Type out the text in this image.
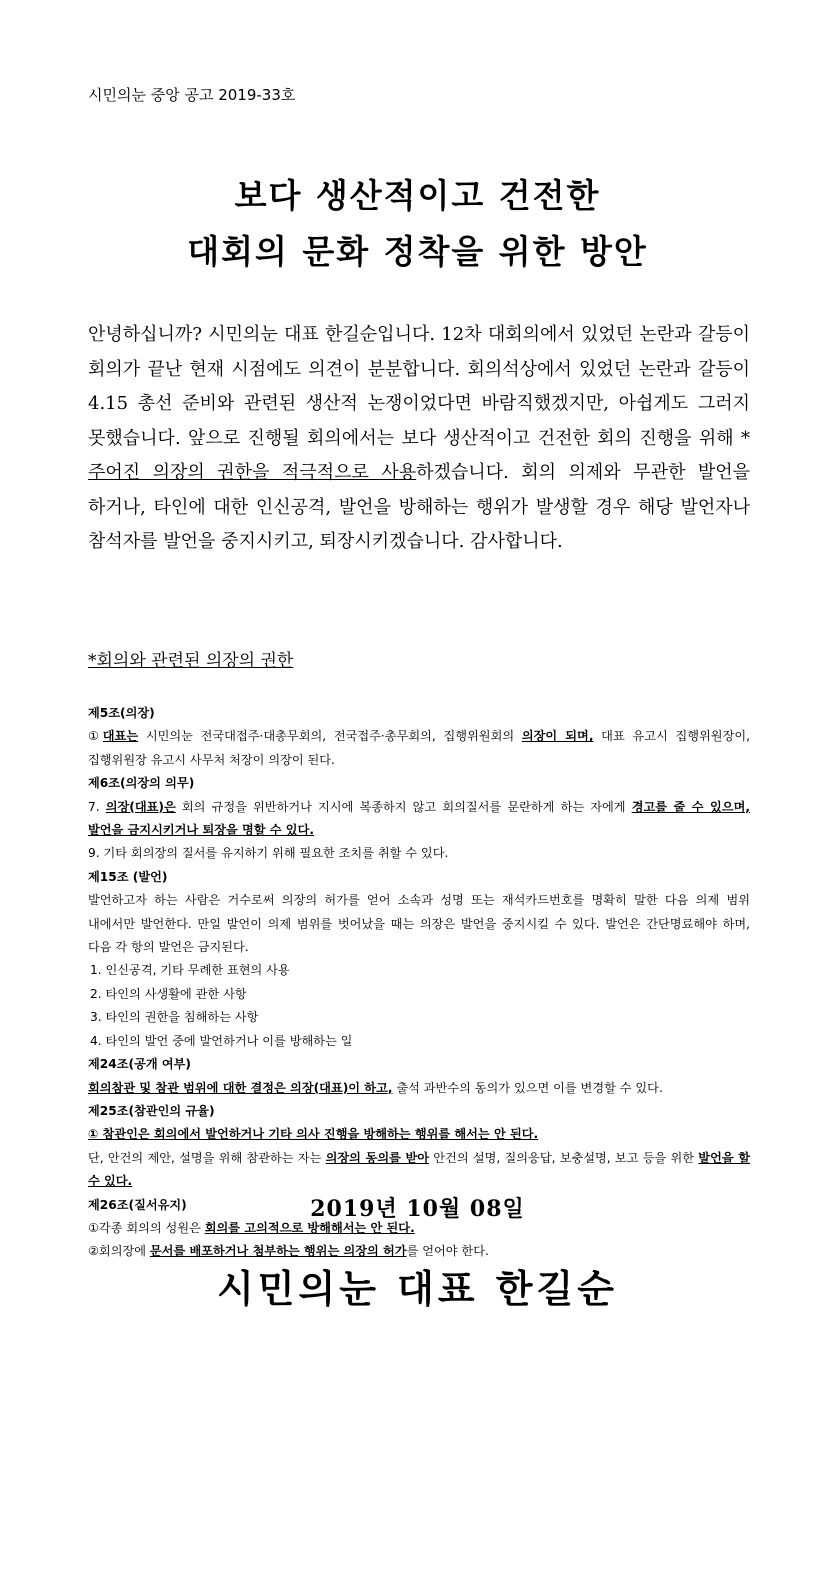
시민의눈 중앙 공고 2019-33호
보다 생산적이고 건전한
대회의 문화 정착을 위한 방안
안녕하십니까? 시민의눈 대표 한길순입니다. 12차 대회의에서 있었던 논란과 갈등이 회의가 끝난 현재 시점에도 의견이 분분합니다. 회의석상에서 있었던 논란과 갈등이 4.15 총선 준비와 관련된 생산적 논쟁이었다면 바람직했겠지만, 아쉽게도 그러지 못했습니다. 앞으로 진행될 회의에서는 보다 생산적이고 건전한 회의 진행을 위해 *주어진 의장의 권한을 적극적으로 사용하겠습니다. 회의 의제와 무관한 발언을 하거나, 타인에 대한 인신공격, 발언을 방해하는 행위가 발생할 경우 해당 발언자나 참석자를 발언을 중지시키고, 퇴장시키겠습니다. 감사합니다.
*회의와 관련된 의장의 권한
제5조(의장)
①대표는 시민의눈 전국대접주·대총무회의, 전국접주·총무회의, 집행위원회의 의장이 되며, 대표 유고시 집행위원장이, 집행위원장 유고시 사무처 처장이 의장이 된다.
제6조(의장의 의무)
7. 의장(대표)은 회의 규정을 위반하거나 지시에 복종하지 않고 회의질서를 문란하게 하는 자에게 경고를 줄 수 있으며, 발언을 금지시키거나 퇴장을 명할 수 있다.
9. 기타 회의장의 질서를 유지하기 위해 필요한 조치를 취할 수 있다.
제15조 (발언)
발언하고자 하는 사람은 거수로써 의장의 허가를 얻어 소속과 성명 또는 재석카드번호를 명확히 말한 다음 의제 범위 내에서만 발언한다. 만일 발언이 의제 범위를 벗어났을 때는 의장은 발언을 중지시킬 수 있다. 발언은 간단명료해야 하며, 다음 각 항의 발언은 금지된다.
1. 인신공격, 기타 무례한 표현의 사용
2. 타인의 사생활에 관한 사항
3. 타인의 권한을 침해하는 사항
4. 타인의 발언 중에 발언하거나 이를 방해하는 일
제24조(공개 여부)
회의참관 및 참관 범위에 대한 결정은 의장(대표)이 하고, 출석 과반수의 동의가 있으면 이를 변경할 수 있다.
제25조(참관인의 규율)
① 참관인은 회의에서 발언하거나 기타 의사 진행을 방해하는 행위를 해서는 안 된다.
단, 안건의 제안, 설명을 위해 참관하는 자는 의장의 동의를 받아 안건의 설명, 질의응답, 보충설명, 보고 등을 위한 발언을 할 수 있다.
제26조(질서유지)
①각종 회의의 성원은 회의를 고의적으로 방해해서는 안 된다.
②회의장에 문서를 배포하거나 첨부하는 행위는 의장의 허가를 얻어야 한다.
2019년 10월 08일
시민의눈 대표 한길순
